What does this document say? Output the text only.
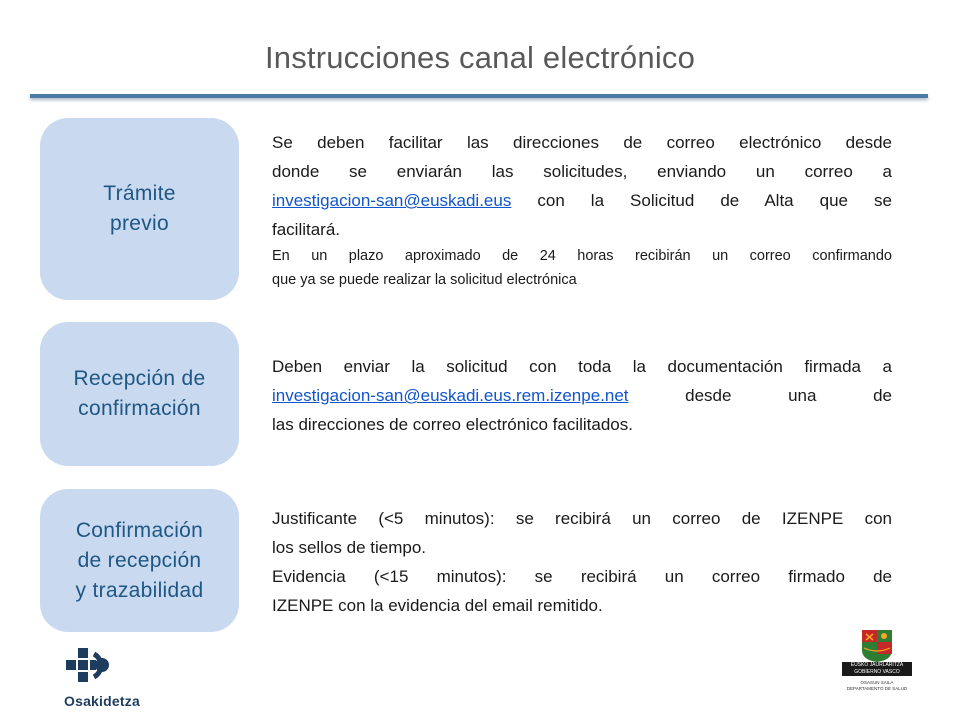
Instrucciones canal electrónico
Trámite
previo
Recepción de
confirmación
Confirmación
de recepción
y trazabilidad
Se deben facilitar las direcciones de correo electrónico desde
donde se enviarán las solicitudes, enviando un correo a
investigacion-san@euskadi.eus con la Solicitud de Alta que se
facilitará.
En un plazo aproximado de 24 horas recibirán un correo confirmando
que ya se puede realizar la solicitud electrónica
Deben enviar la solicitud con toda la documentación firmada a
investigacion-san@euskadi.eus.rem.izenpe.net desde una de
las direcciones de correo electrónico facilitados.
Justificante (<5 minutos): se recibirá un correo de IZENPE con
los sellos de tiempo.
Evidencia (<15 minutos): se recibirá un correo firmado de
IZENPE con la evidencia del email remitido.
Osakidetza
EUSKO JAURLARITZA
GOBIERNO VASCO
OSASUN SAILA
DEPARTAMENTO DE SALUD
